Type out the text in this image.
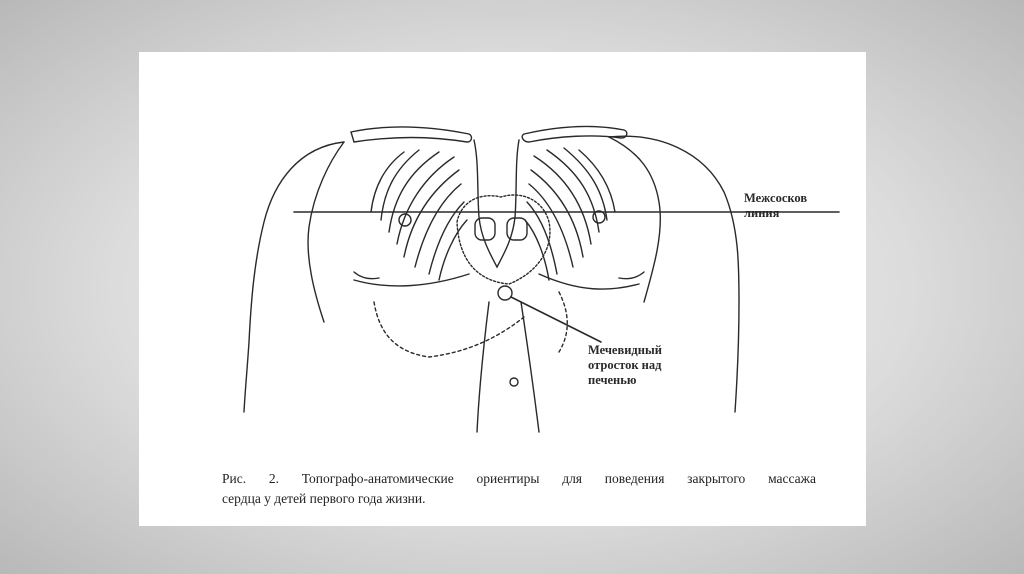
Межсосков
линия
Мечевидный
отросток над
печенью
Рис. 2. Топографо-анатомические ориентиры для поведения закрытого массажа
сердца у детей первого года жизни.
